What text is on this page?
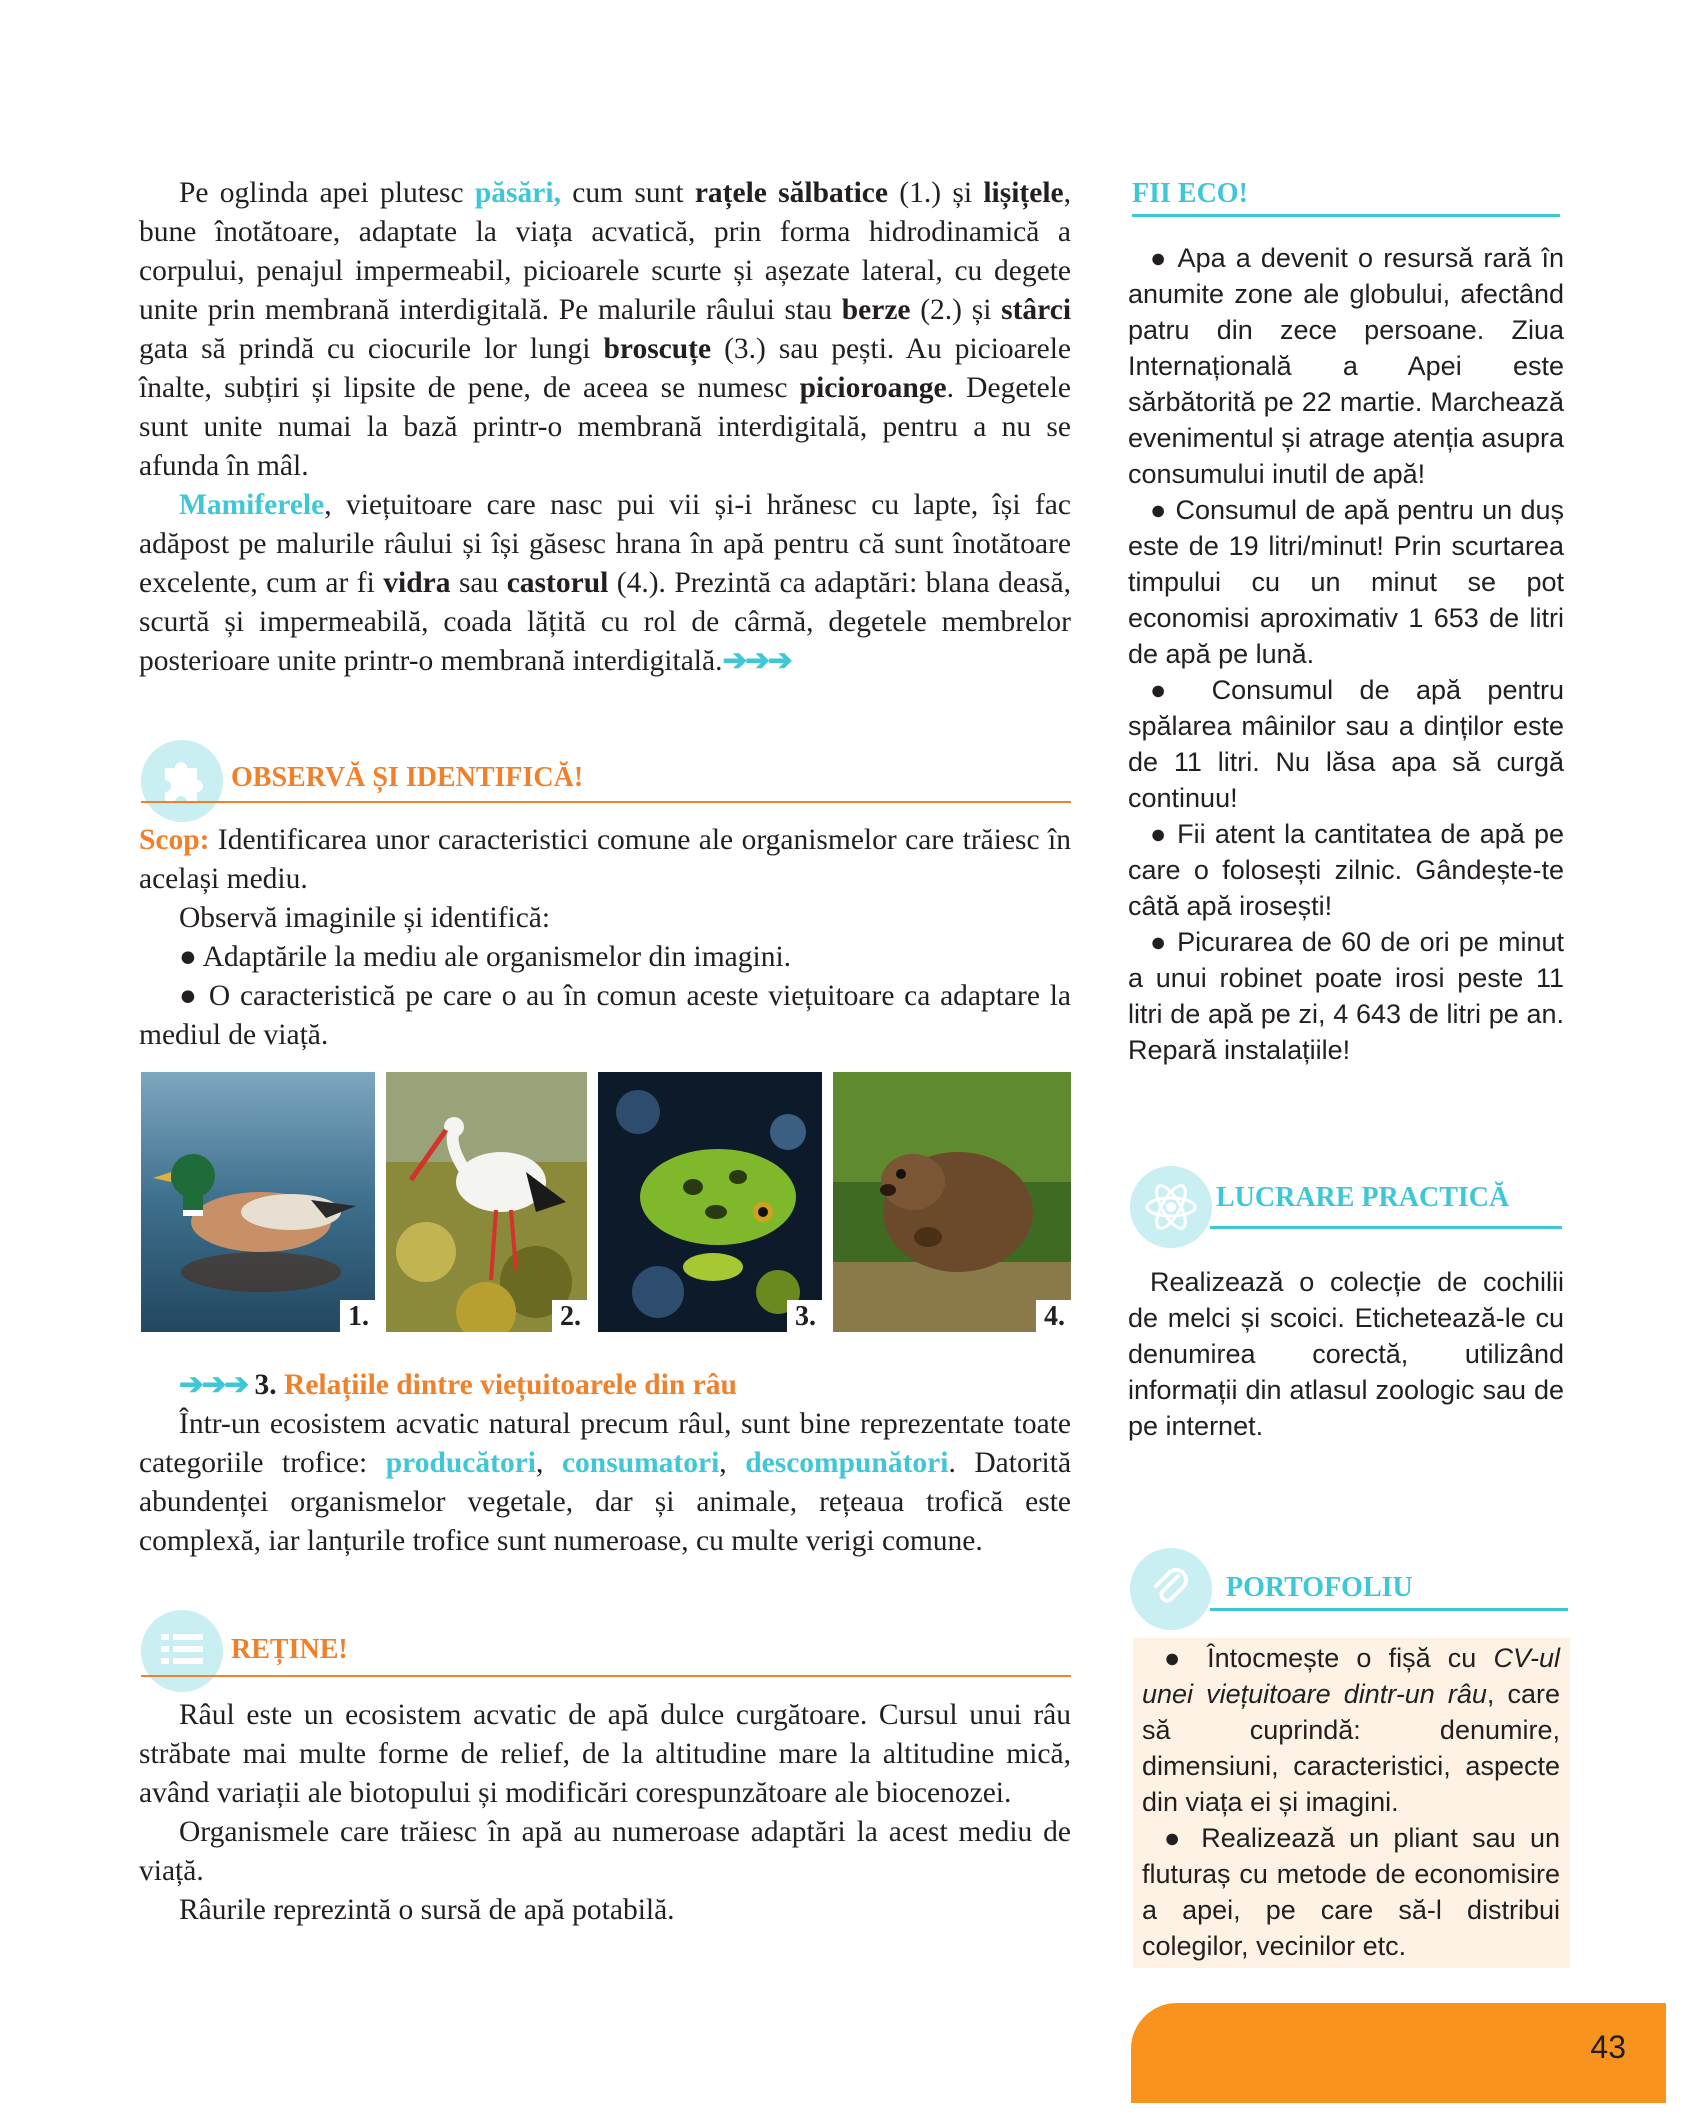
Pe oglinda apei plutesc păsări, cum sunt rațele sălbatice (1.) și lișițele, bune înotătoare, adaptate la viața acvatică, prin forma hidrodinamică a corpului, penajul impermeabil, picioarele scurte și așezate lateral, cu degete unite prin membrană interdigitală. Pe malurile râului stau berze (2.) și stârci gata să prindă cu ciocurile lor lungi broscuțe (3.) sau pești. Au picioarele înalte, subțiri și lipsite de pene, de aceea se numesc picioroange. Degetele sunt unite numai la bază printr-o membrană interdigitală, pentru a nu se afunda în mâl.

Mamiferele, viețuitoare care nasc pui vii și-i hrănesc cu lapte, își fac adăpost pe malurile râului și își găsesc hrana în apă pentru că sunt înotătoare excelente, cum ar fi vidra sau castorul (4.). Prezintă ca adaptări: blana deasă, scurtă și impermeabilă, coada lățită cu rol de cârmă, degetele membrelor posterioare unite printr-o membrană interdigitală.➔➔➔

OBSERVĂ ȘI IDENTIFICĂ!

Scop: Identificarea unor caracteristici comune ale organismelor care trăiesc în același mediu.

Observă imaginile și identifică:

● Adaptările la mediu ale organismelor din imagini.

● O caracteristică pe care o au în comun aceste viețuitoare ca adaptare la mediul de viață.

1.	2.	3.	4.

➔➔➔ 3. Relațiile dintre viețuitoarele din râu

Într-un ecosistem acvatic natural precum râul, sunt bine reprezentate toate categoriile trofice: producători, consumatori, descompunători. Datorită abundenței organismelor vegetale, dar și animale, rețeaua trofică este complexă, iar lanțurile trofice sunt numeroase, cu multe verigi comune.

REȚINE!

Râul este un ecosistem acvatic de apă dulce curgătoare. Cursul unui râu străbate mai multe forme de relief, de la altitudine mare la altitudine mică, având variații ale biotopului și modificări corespunzătoare ale biocenozei.

Organismele care trăiesc în apă au numeroase adaptări la acest mediu de viață.

Râurile reprezintă o sursă de apă potabilă.

FII ECO!

● Apa a devenit o resursă rară în anumite zone ale globului, afectând patru din zece persoane. Ziua Internațională a Apei este sărbătorită pe 22 martie. Marchează evenimentul și atrage atenția asupra consumului inutil de apă!

● Consumul de apă pentru un duș este de 19 litri/minut! Prin scurtarea timpului cu un minut se pot economisi aproximativ 1 653 de litri de apă pe lună.

● Consumul de apă pentru spălarea mâinilor sau a dinților este de 11 litri. Nu lăsa apa să curgă continuu!

● Fii atent la cantitatea de apă pe care o folosești zilnic. Gândește-te câtă apă irosești!

● Picurarea de 60 de ori pe minut a unui robinet poate irosi peste 11 litri de apă pe zi, 4 643 de litri pe an. Repară instalațiile!

LUCRARE PRACTICĂ

Realizează o colecție de cochilii de melci și scoici. Etichetează-le cu denumirea corectă, utilizând informații din atlasul zoologic sau de pe internet.

PORTOFOLIU

● Întocmește o fișă cu CV-ul unei viețuitoare dintr-un râu, care să cuprindă: denumire, dimensiuni, caracteristici, aspecte din viața ei și imagini.

● Realizează un pliant sau un fluturaș cu metode de economisire a apei, pe care să-l distribui colegilor, vecinilor etc.

43
